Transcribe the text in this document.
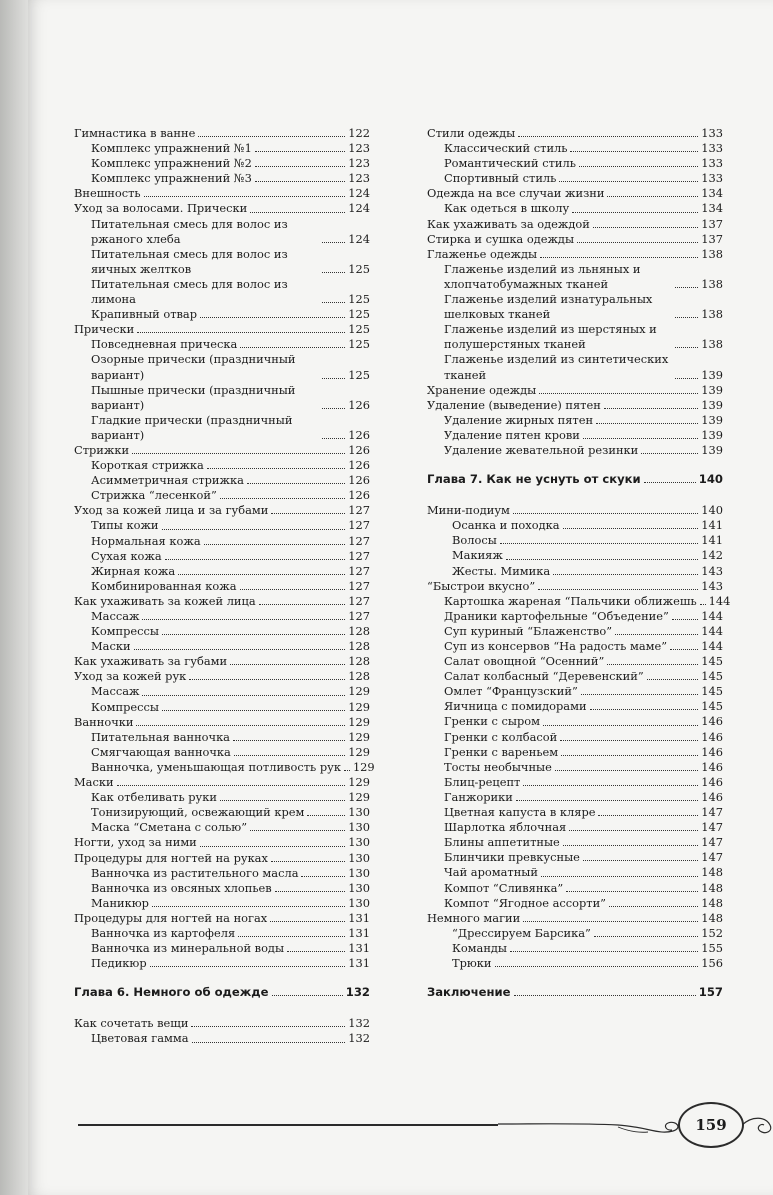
Гимнастика в ванне	122
Комплекс упражнений №1	123
Комплекс упражнений №2	123
Комплекс упражнений №3	123
Внешность	124
Уход за волосами. Прически	124
Питательная смесь для волос из ржаного хлеба	124
Питательная смесь для волос из яичных желтков	125
Питательная смесь для волос из лимона	125
Крапивный отвар	125
Прически	125
Повседневная прическа	125
Озорные прически (праздничный вариант)	125
Пышные прически (праздничный вариант)	126
Гладкие прически (праздничный вариант)	126
Стрижки	126
Короткая стрижка	126
Асимметричная стрижка	126
Стрижка “лесенкой”	126
Уход за кожей лица и за губами	127
Типы кожи	127
Нормальная кожа	127
Сухая кожа	127
Жирная кожа	127
Комбинированная кожа	127
Как ухаживать за кожей лица	127
Массаж	127
Компрессы	128
Маски	128
Как ухаживать за губами	128
Уход за кожей рук	128
Массаж	129
Компрессы	129
Ванночки	129
Питательная ванночка	129
Смягчающая ванночка	129
Ванночка, уменьшающая потливость рук 129
Маски	129
Как отбеливать руки	129
Тонизирующий, освежающий крем	130
Маска “Сметана с солью”	130
Ногти, уход за ними	130
Процедуры для ногтей на руках	130
Ванночка из растительного масла	130
Ванночка из овсяных хлопьев	130
Маникюр	130
Процедуры для ногтей на ногах	131
Ванночка из картофеля	131
Ванночка из минеральной воды	131
Педикюр	131
Глава 6. Немного об одежде	132
Как сочетать вещи	132
Цветовая гамма	132
Стили одежды	133
Классический стиль	133
Романтический стиль	133
Спортивный стиль	133
Одежда на все случаи жизни	134
Как одеться в школу	134
Как ухаживать за одеждой	137
Стирка и сушка одежды	137
Глаженье одежды	138
Глаженье изделий из льняных и хлопчатобумажных тканей	138
Глаженье изделий изнатуральных шелковых тканей	138
Глаженье изделий из шерстяных и полушерстяных тканей	138
Глаженье изделий из синтетических тканей	139
Хранение одежды	139
Удаление (выведение) пятен	139
Удаление жирных пятен	139
Удаление пятен крови	139
Удаление жевательной резинки	139
Глава 7. Как не уснуть от скуки	140
Мини-подиум	140
Осанка и походка	141
Волосы	141
Макияж	142
Жесты. Мимика	143
“Быстрои вкусно”	143
Картошка жареная “Пальчики оближешь 144
Драники картофельные “Объедение”	144
Суп куриный “Блаженство”	144
Суп из консервов “На радость маме”	144
Салат овощной “Осенний”	145
Салат колбасный “Деревенский”	145
Омлет “Французский”	145
Яичница с помидорами	145
Гренки с сыром	146
Гренки с колбасой	146
Гренки с вареньем	146
Тосты необычные	146
Блиц-рецепт	146
Ганжорики	146
Цветная капуста в кляре	147
Шарлотка яблочная	147
Блины аппетитные	147
Блинчики превкусные	147
Чай ароматный	148
Компот “Сливянка”	148
Компот “Ягодное ассорти”	148
Немного магии	148
“Дрессируем Барсика”	152
Команды	155
Трюки	156
Заключение	157
159
